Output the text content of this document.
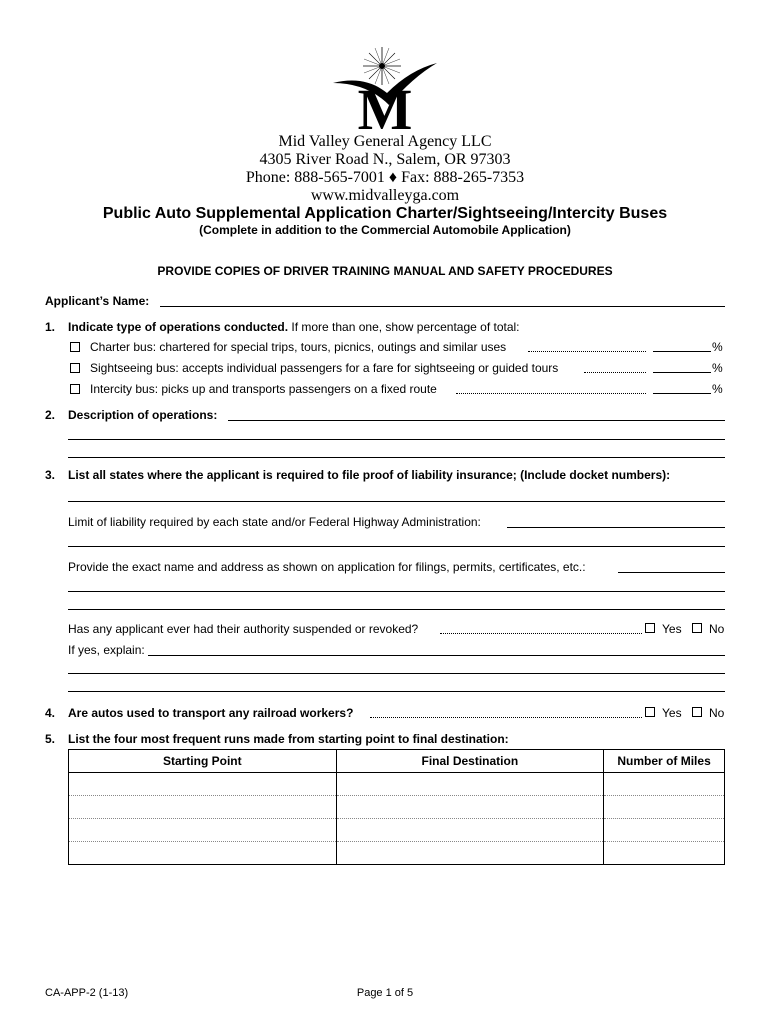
M
Mid Valley General Agency LLC
4305 River Road N., Salem, OR 97303
Phone: 888-565-7001 ♦ Fax: 888-265-7353
www.midvalleyga.com
Public Auto Supplemental Application Charter/Sightseeing/Intercity Buses
(Complete in addition to the Commercial Automobile Application)
PROVIDE COPIES OF DRIVER TRAINING MANUAL AND SAFETY PROCEDURES
Applicant’s Name:
1. Indicate type of operations conducted. If more than one, show percentage of total:
Charter bus: chartered for special trips, tours, picnics, outings and similar uses	%
Sightseeing bus: accepts individual passengers for a fare for sightseeing or guided tours	%
Intercity bus: picks up and transports passengers on a fixed route	%
2. Description of operations:
3. List all states where the applicant is required to file proof of liability insurance; (Include docket numbers):
Limit of liability required by each state and/or Federal Highway Administration:
Provide the exact name and address as shown on application for filings, permits, certificates, etc.:
Has any applicant ever had their authority suspended or revoked?	Yes No
If yes, explain:
4. Are autos used to transport any railroad workers?	Yes No
5. List the four most frequent runs made from starting point to final destination:
Starting Point	Final Destination	Number of Miles

CA-APP-2 (1-13)	Page 1 of 5
